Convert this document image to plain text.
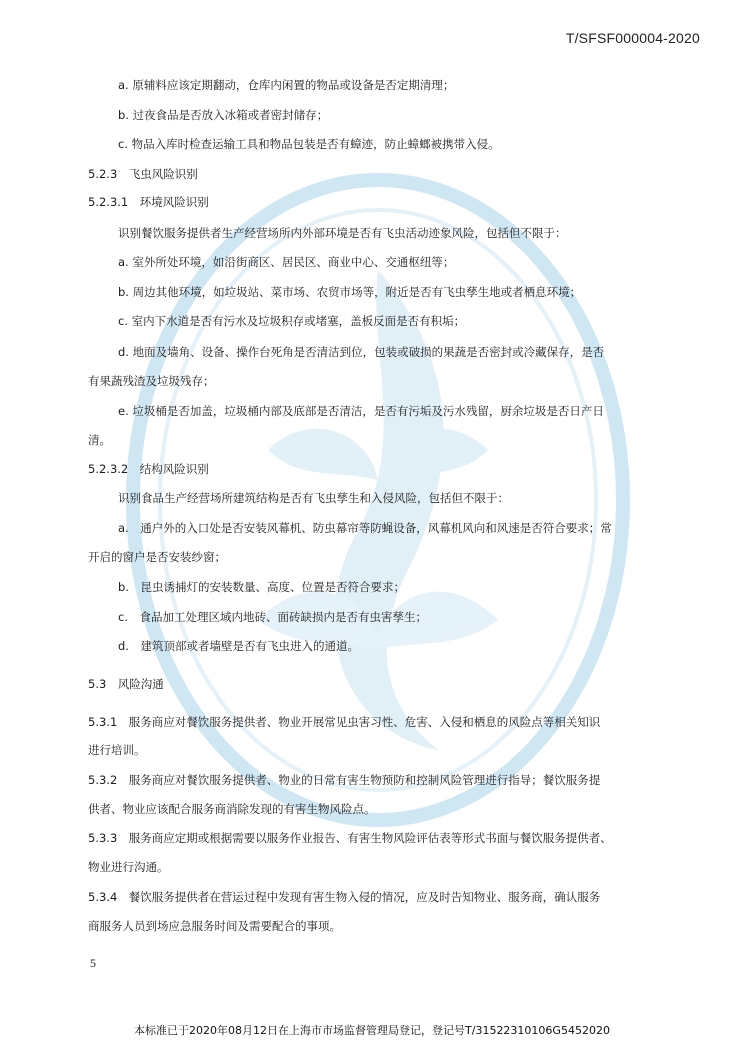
T/SFSF000004-2020
a. 原辅料应该定期翻动，仓库内闲置的物品或设备是否定期清理；
b. 过夜食品是否放入冰箱或者密封储存；
c. 物品入库时检查运输工具和物品包装是否有蟑迹，防止蟑螂被携带入侵。
5.2.3　飞虫风险识别
5.2.3.1　环境风险识别
识别餐饮服务提供者生产经营场所内外部环境是否有飞虫活动迹象风险，包括但不限于：
a. 室外所处环境，如沿街商区、居民区、商业中心、交通枢纽等；
b. 周边其他环境，如垃圾站、菜市场、农贸市场等，附近是否有飞虫孳生地或者栖息环境；
c. 室内下水道是否有污水及垃圾积存或堵塞，盖板反面是否有积垢；
d. 地面及墙角、设备、操作台死角是否清洁到位，包装或破损的果蔬是否密封或冷藏保存，是否
有果蔬残渣及垃圾残存；
e. 垃圾桶是否加盖，垃圾桶内部及底部是否清洁，是否有污垢及污水残留，厨余垃圾是否日产日
清。
5.2.3.2　结构风险识别
识别食品生产经营场所建筑结构是否有飞虫孳生和入侵风险，包括但不限于：
a.　通户外的入口处是否安装风幕机、防虫幕帘等防蝇设备，风幕机风向和风速是否符合要求；常
开启的窗户是否安装纱窗；
b.　昆虫诱捕灯的安装数量、高度、位置是否符合要求；
c.　食品加工处理区域内地砖、面砖缺损内是否有虫害孳生；
d.　建筑顶部或者墙壁是否有飞虫进入的通道。
5.3　风险沟通
5.3.1　服务商应对餐饮服务提供者、物业开展常见虫害习性、危害、入侵和栖息的风险点等相关知识
进行培训。
5.3.2　服务商应对餐饮服务提供者、物业的日常有害生物预防和控制风险管理进行指导；餐饮服务提
供者、物业应该配合服务商消除发现的有害生物风险点。
5.3.3　服务商应定期或根据需要以服务作业报告、有害生物风险评估表等形式书面与餐饮服务提供者、
物业进行沟通。
5.3.4　餐饮服务提供者在营运过程中发现有害生物入侵的情况，应及时告知物业、服务商，确认服务
商服务人员到场应急服务时间及需要配合的事项。
5
本标准已于2020年08月12日在上海市市场监督管理局登记，登记号T/31522310106G5452020
